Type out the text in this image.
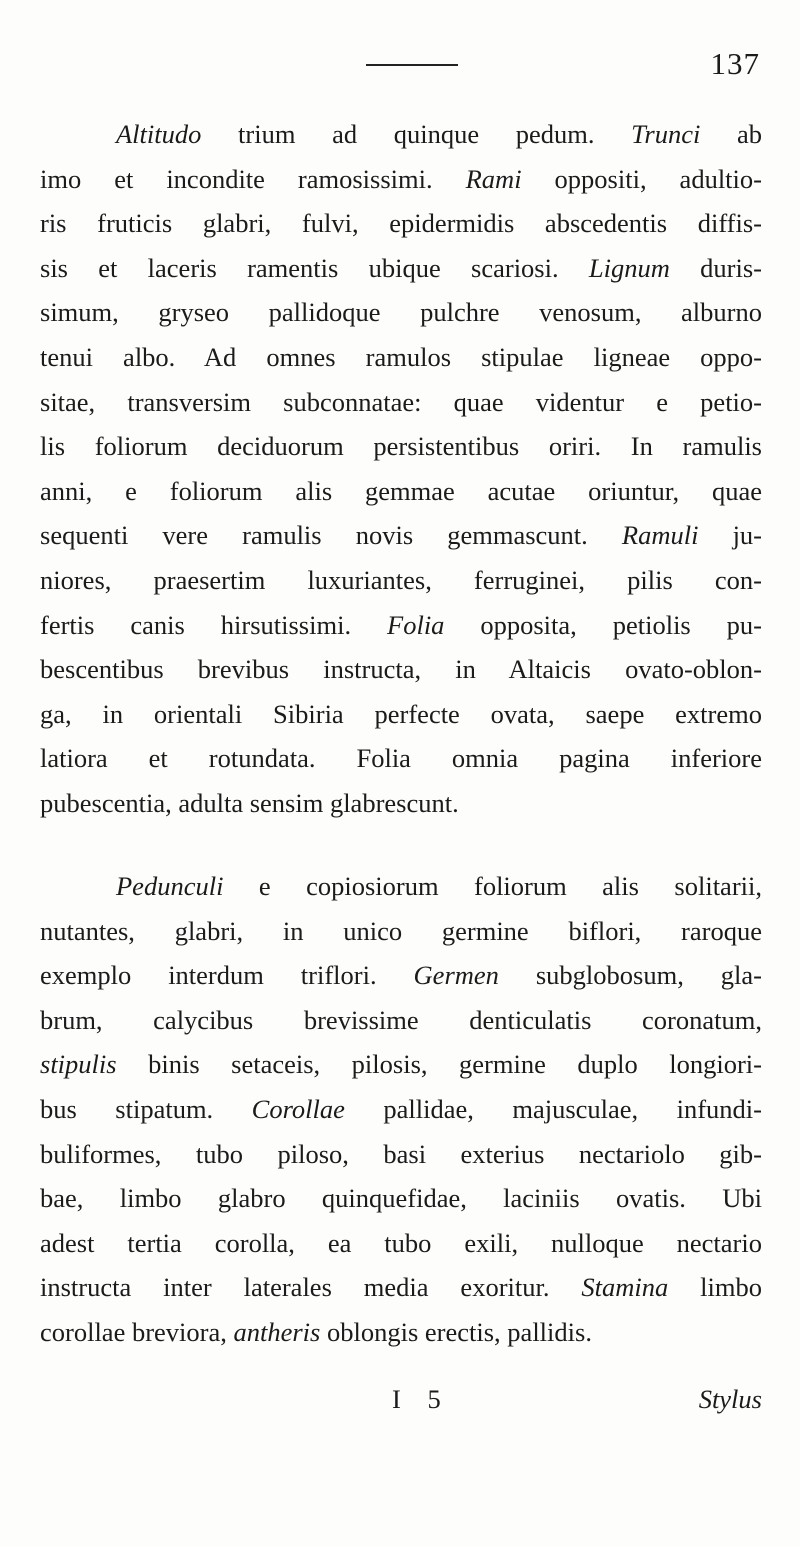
137
Altitudo trium ad quinque pedum. Trunci ab
imo et incondite ramosissimi. Rami oppositi, adultio-
ris fruticis glabri, fulvi, epidermidis abscedentis diffis-
sis et laceris ramentis ubique scariosi. Lignum duris-
simum, gryseo pallidoque pulchre venosum, alburno
tenui albo. Ad omnes ramulos stipulae ligneae oppo-
sitae, transversim subconnatae: quae videntur e petio-
lis foliorum deciduorum persistentibus oriri. In ramulis
anni, e foliorum alis gemmae acutae oriuntur, quae
sequenti vere ramulis novis gemmascunt. Ramuli ju-
niores, praesertim luxuriantes, ferruginei, pilis con-
fertis canis hirsutissimi. Folia opposita, petiolis pu-
bescentibus brevibus instructa, in Altaicis ovato-oblon-
ga, in orientali Sibiria perfecte ovata, saepe extremo
latiora et rotundata. Folia omnia pagina inferiore
pubescentia, adulta sensim glabrescunt.
Pedunculi e copiosiorum foliorum alis solitarii,
nutantes, glabri, in unico germine biflori, raroque
exemplo interdum triflori. Germen subglobosum, gla-
brum, calycibus brevissime denticulatis coronatum,
stipulis binis setaceis, pilosis, germine duplo longiori-
bus stipatum. Corollae pallidae, majusculae, infundi-
buliformes, tubo piloso, basi exterius nectariolo gib-
bae, limbo glabro quinquefidae, laciniis ovatis. Ubi
adest tertia corolla, ea tubo exili, nulloque nectario
instructa inter laterales media exoritur. Stamina limbo
corollae breviora, antheris oblongis erectis, pallidis.
I 5	Stylus
